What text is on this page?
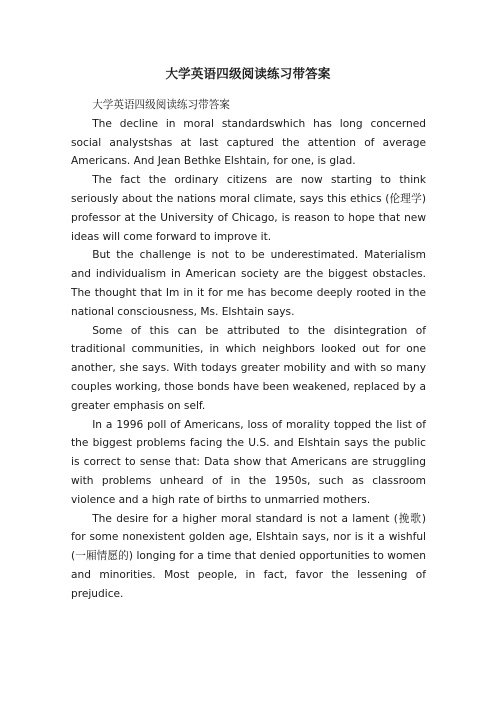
大学英语四级阅读练习带答案

大学英语四级阅读练习带答案

The decline in moral standardswhich has long concerned social analystshas at last captured the attention of average Americans. And Jean Bethke Elshtain, for one, is glad.

The fact the ordinary citizens are now starting to think seriously about the nations moral climate, says this ethics (伦理学) professor at the University of Chicago, is reason to hope that new ideas will come forward to improve it.

But the challenge is not to be underestimated. Materialism and individualism in American society are the biggest obstacles. The thought that Im in it for me has become deeply rooted in the national consciousness, Ms. Elshtain says.

Some of this can be attributed to the disintegration of traditional communities, in which neighbors looked out for one another, she says. With todays greater mobility and with so many couples working, those bonds have been weakened, replaced by a greater emphasis on self.

In a 1996 poll of Americans, loss of morality topped the list of the biggest problems facing the U.S. and Elshtain says the public is correct to sense that: Data show that Americans are struggling with problems unheard of in the 1950s, such as classroom violence and a high rate of births to unmarried mothers.

The desire for a higher moral standard is not a lament (挽歌) for some nonexistent golden age, Elshtain says, nor is it a wishful (一厢情愿的) longing for a time that denied opportunities to women and minorities. Most people, in fact, favor the lessening of prejudice.
